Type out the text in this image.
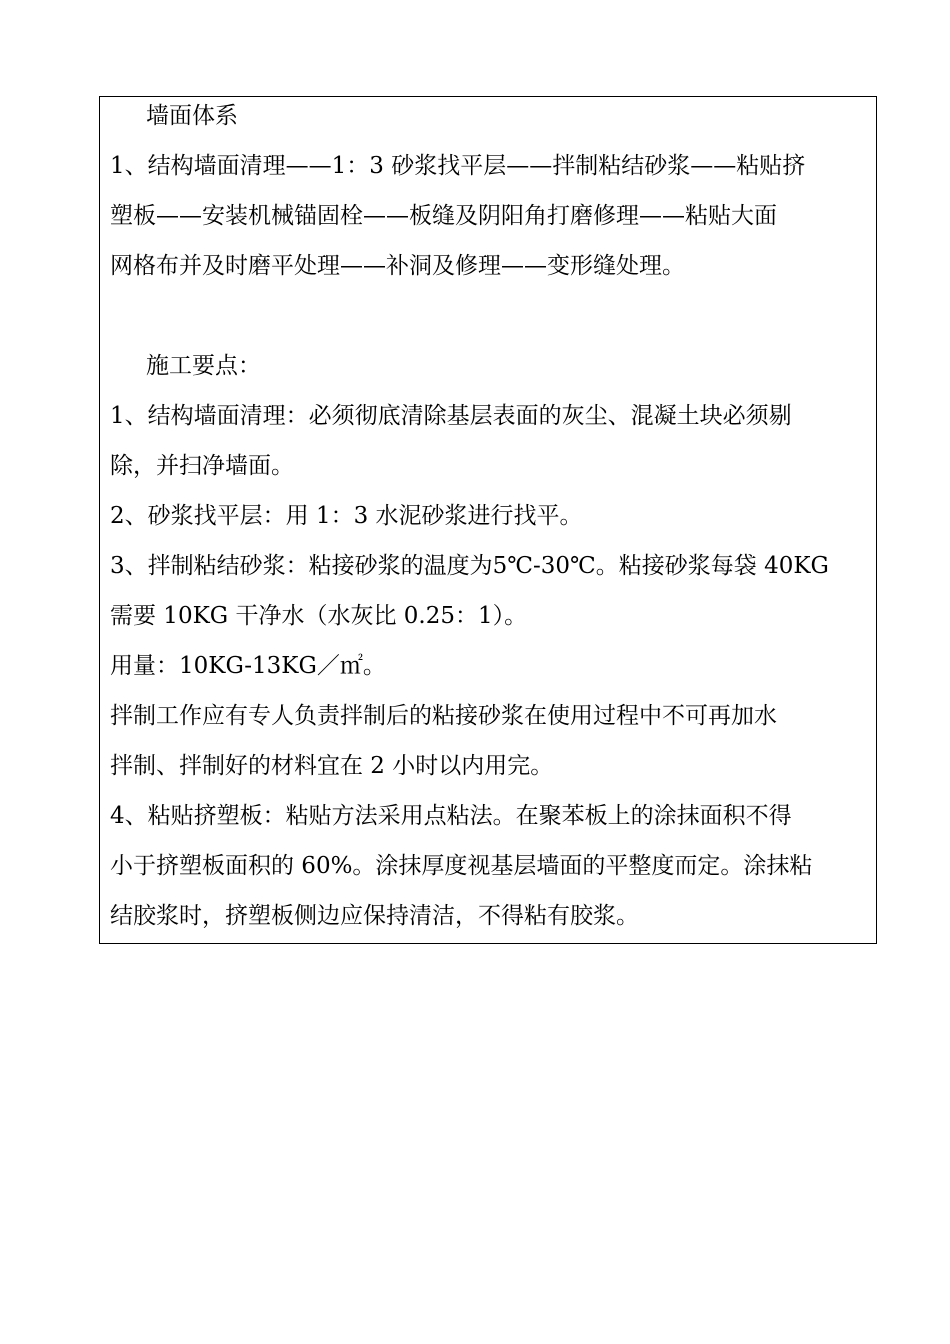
墙面体系
1、结构墙面清理——1：3 砂浆找平层——拌制粘结砂浆——粘贴挤
塑板——安装机械锚固栓——板缝及阴阳角打磨修理——粘贴大面
网格布并及时磨平处理——补洞及修理——变形缝处理。
施工要点：
1、结构墙面清理：必须彻底清除基层表面的灰尘、混凝土块必须剔
除，并扫净墙面。
2、砂浆找平层：用 1：3 水泥砂浆进行找平。
3、拌制粘结砂浆：粘接砂浆的温度为5℃-30℃。粘接砂浆每袋 40KG
需要 10KG 干净水（水灰比 0.25：1）。
用量：10KG-13KG／㎡。
拌制工作应有专人负责拌制后的粘接砂浆在使用过程中不可再加水
拌制、拌制好的材料宜在 2 小时以内用完。
4、粘贴挤塑板：粘贴方法采用点粘法。在聚苯板上的涂抹面积不得
小于挤塑板面积的 60%。涂抹厚度视基层墙面的平整度而定。涂抹粘
结胶浆时，挤塑板侧边应保持清洁，不得粘有胶浆。
